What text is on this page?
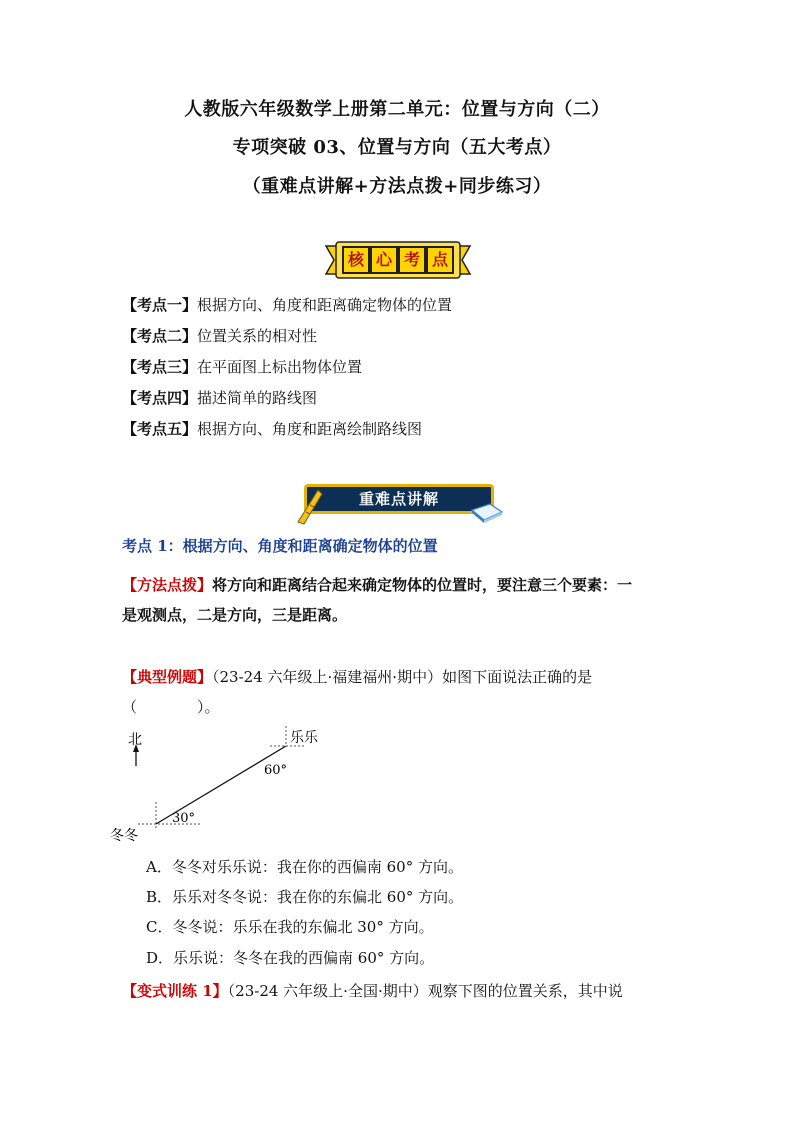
人教版六年级数学上册第二单元：位置与方向（二）
专项突破 03、位置与方向（五大考点）
（重难点讲解+方法点拨+同步练习）
核 心 考 点
【考点一】根据方向、角度和距离确定物体的位置
【考点二】位置关系的相对性
【考点三】在平面图上标出物体位置
【考点四】描述简单的路线图
【考点五】根据方向、角度和距离绘制路线图
重难点讲解
考点 1：根据方向、角度和距离确定物体的位置
【方法点拨】将方向和距离结合起来确定物体的位置时，要注意三个要素：一
是观测点，二是方向，三是距离。
【典型例题】（23-24 六年级上·福建福州·期中）如图下面说法正确的是
（　　　　）。
北	乐乐
60°
30°
冬冬
A．冬冬对乐乐说：我在你的西偏南 60° 方向。
B．乐乐对冬冬说：我在你的东偏北 60° 方向。
C．冬冬说：乐乐在我的东偏北 30° 方向。
D．乐乐说：冬冬在我的西偏南 60° 方向。
【变式训练 1】（23-24 六年级上·全国·期中）观察下图的位置关系，其中说
